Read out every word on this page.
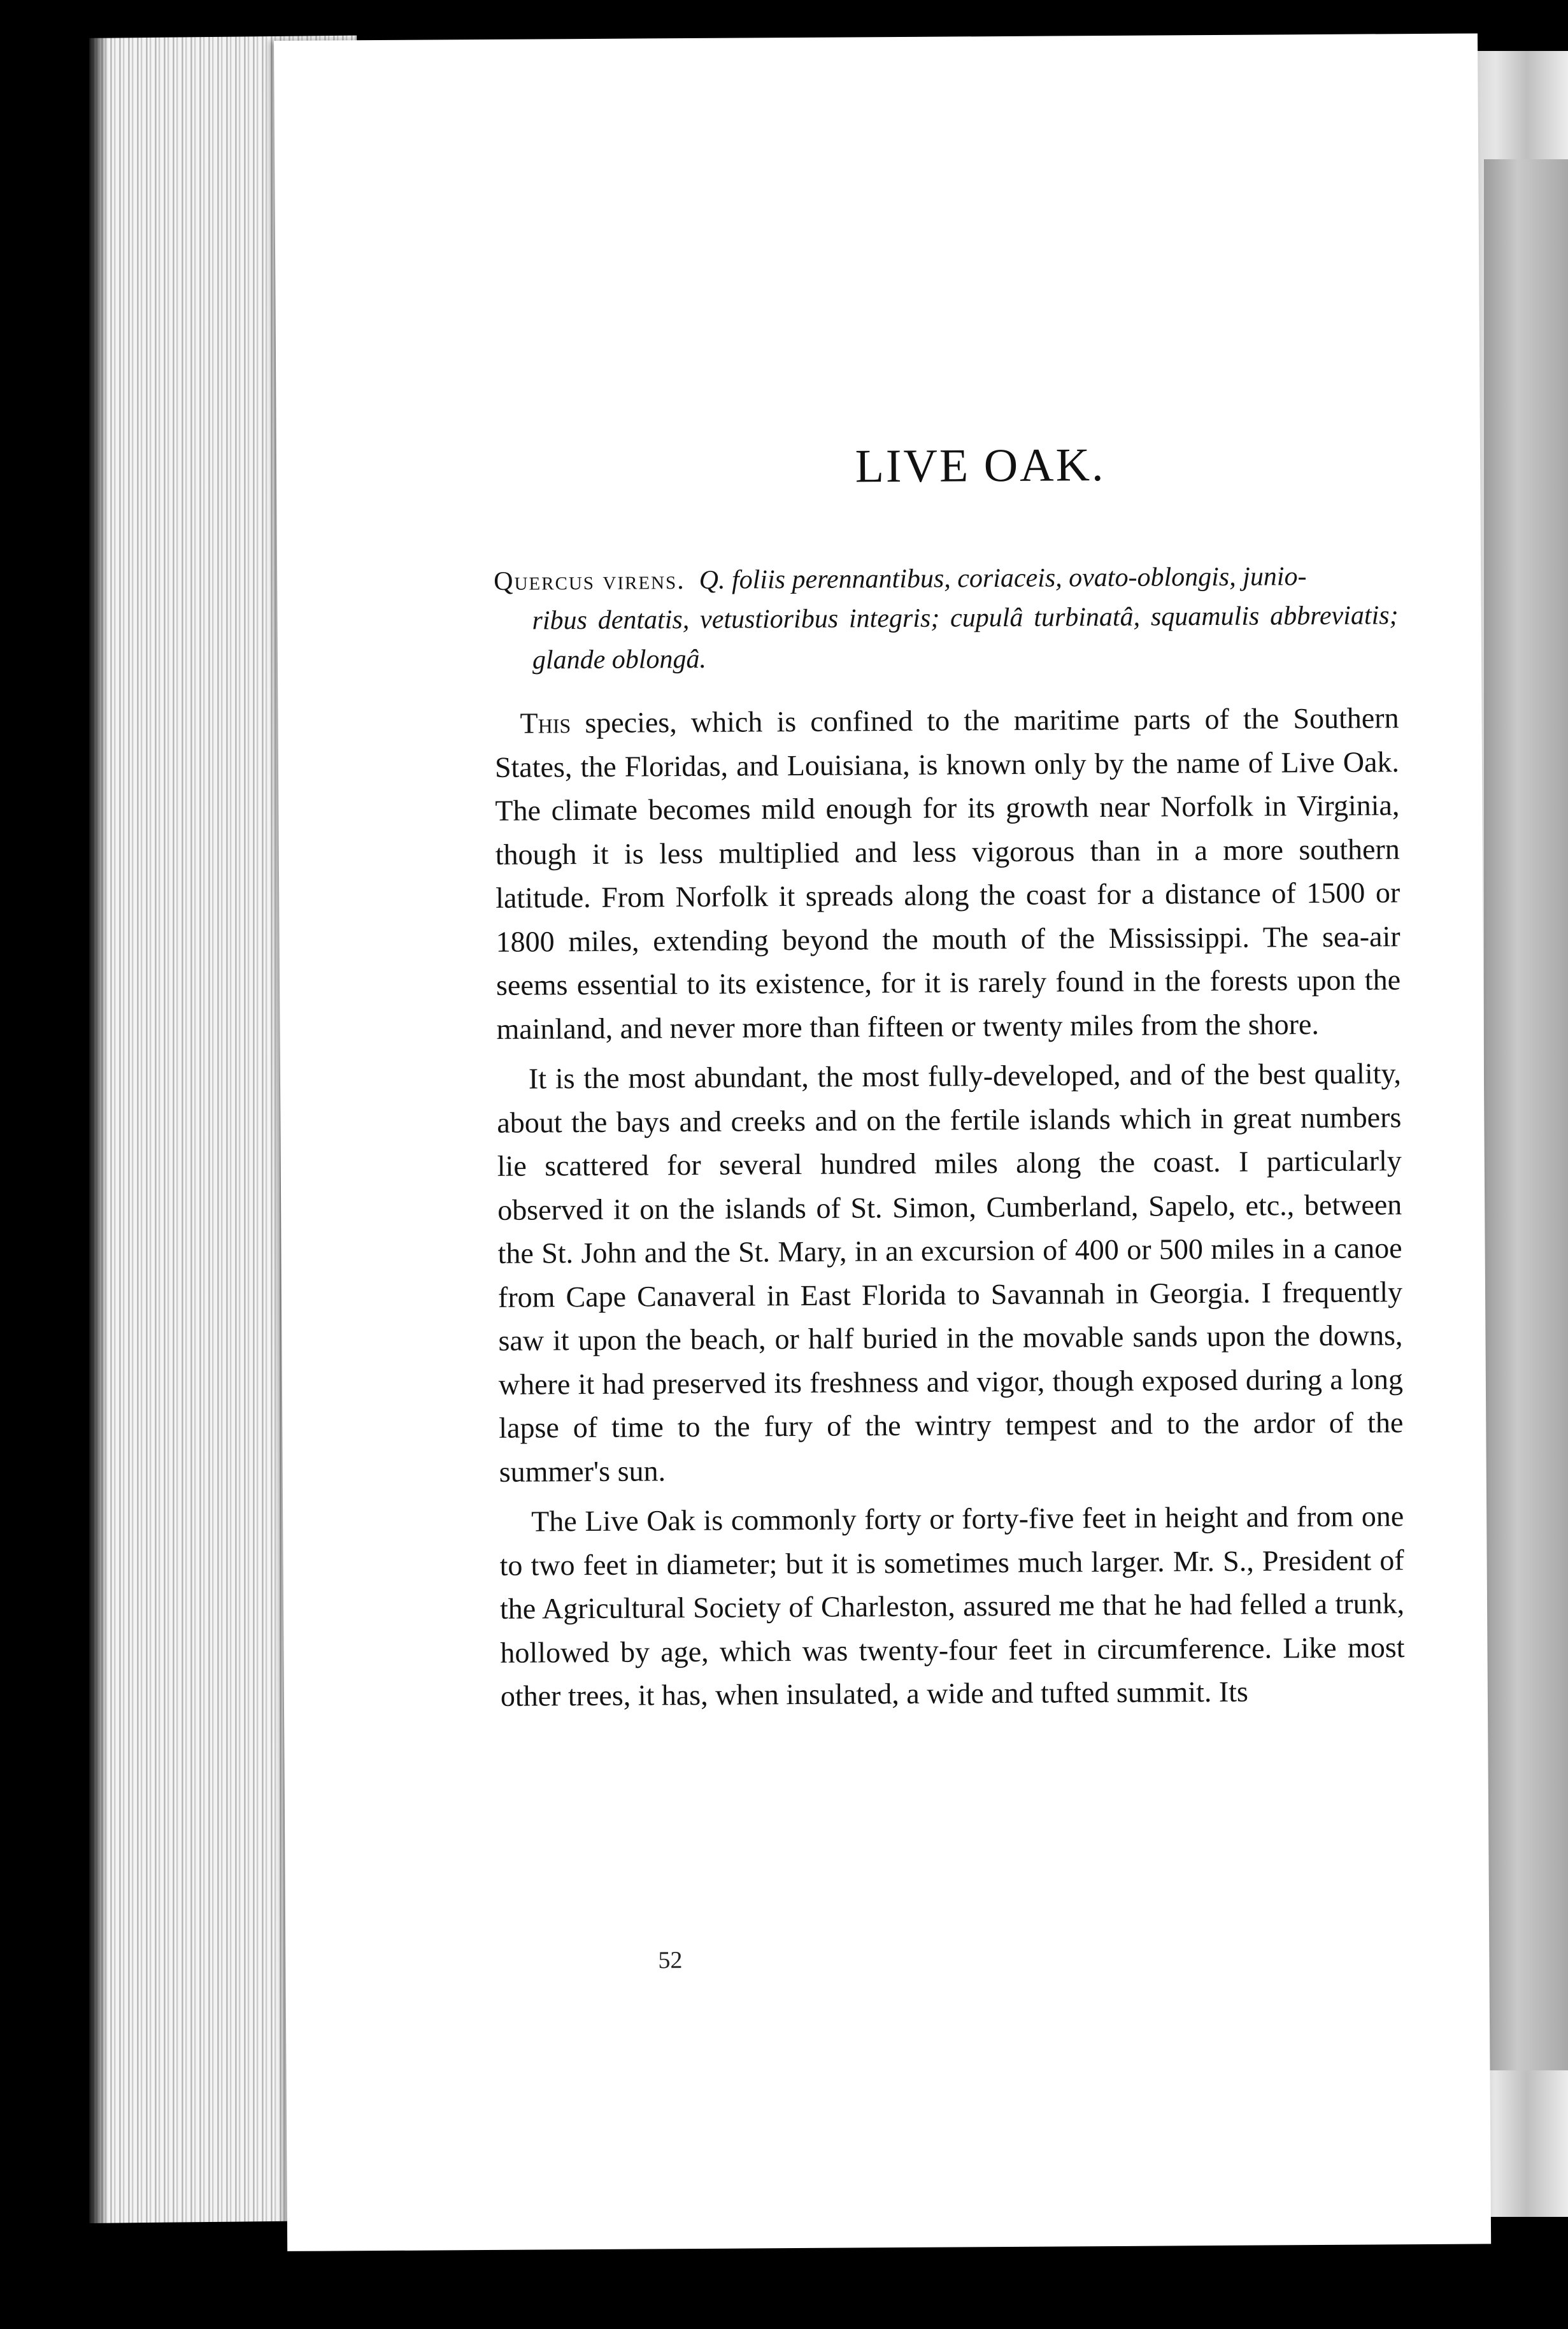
LIVE OAK.
Quercus virens. Q. foliis perennantibus, coriaceis, ovato-oblongis, junio-
ribus dentatis, vetustioribus integris; cupulâ turbinatâ, squamulis abbreviatis; glande oblongâ.

This species, which is confined to the maritime parts of the Southern States, the Floridas, and Louisiana, is known only by the name of Live Oak. The climate becomes mild enough for its growth near Norfolk in Virginia, though it is less multiplied and less vigorous than in a more southern latitude. From Norfolk it spreads along the coast for a distance of 1500 or 1800 miles, extending beyond the mouth of the Mississippi. The sea-air seems essential to its existence, for it is rarely found in the forests upon the mainland, and never more than fifteen or twenty miles from the shore.

It is the most abundant, the most fully-developed, and of the best quality, about the bays and creeks and on the fertile islands which in great numbers lie scattered for several hundred miles along the coast. I particularly observed it on the islands of St. Simon, Cumberland, Sapelo, etc., between the St. John and the St. Mary, in an excursion of 400 or 500 miles in a canoe from Cape Canaveral in East Florida to Savannah in Georgia. I frequently saw it upon the beach, or half buried in the movable sands upon the downs, where it had preserved its freshness and vigor, though exposed during a long lapse of time to the fury of the wintry tempest and to the ardor of the summer's sun.

The Live Oak is commonly forty or forty-five feet in height and from one to two feet in diameter; but it is sometimes much larger. Mr. S., President of the Agricultural Society of Charleston, assured me that he had felled a trunk, hollowed by age, which was twenty-four feet in circumference. Like most other trees, it has, when insulated, a wide and tufted summit. Its

52
